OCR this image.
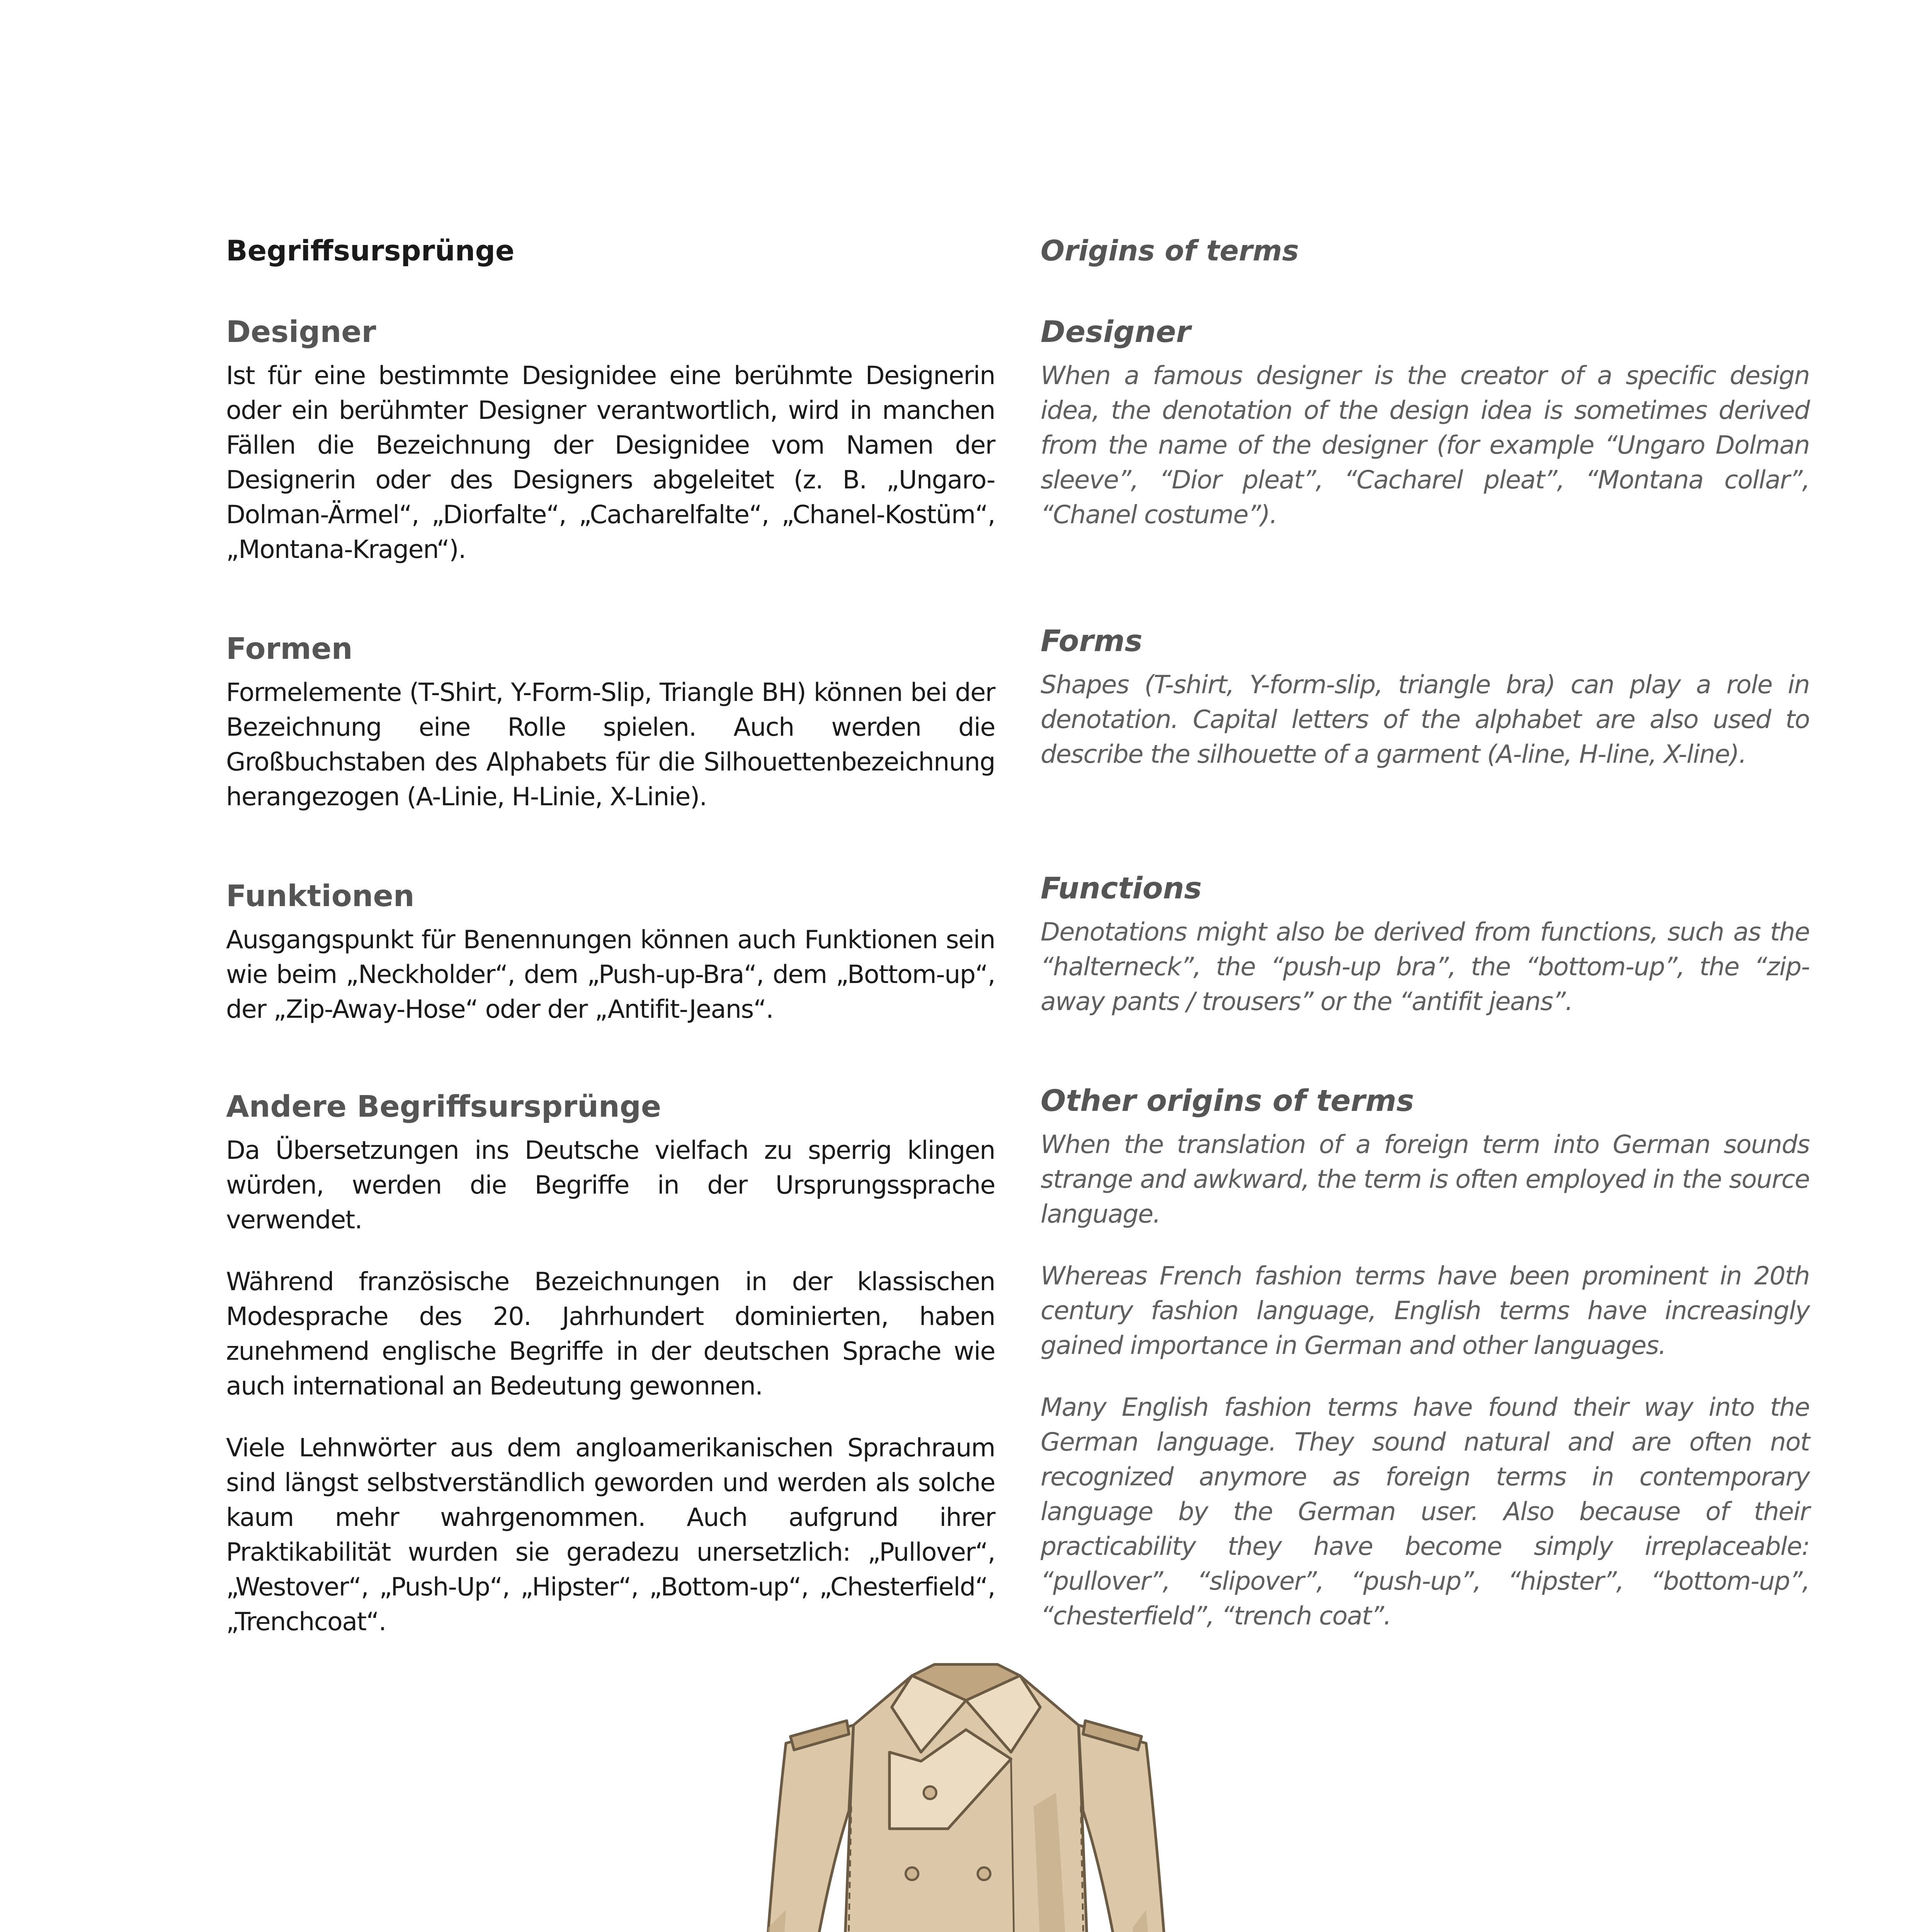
Begriffsursprünge
Designer

Ist für eine bestimmte Designidee eine berühmte Designerin oder ein berühmter Designer verantwortlich, wird in manchen Fällen die Bezeichnung der Designidee vom Namen der Designerin oder des Designers abgeleitet (z. B. „Ungaro-Dolman-Ärmel“, „Diorfalte“, „Cacharelfalte“, „Chanel-Kostüm“, „Montana-Kragen“).

Formen

Formelemente (T-Shirt, Y-Form-Slip, Triangle BH) können bei der Bezeichnung eine Rolle spielen. Auch werden die Großbuchstaben des Alphabets für die Silhouettenbezeichnung herangezogen (A-Linie, H-Linie, X-Linie).

Funktionen

Ausgangspunkt für Benennungen können auch Funktionen sein wie beim „Neckholder“, dem „Push-up-Bra“, dem „Bottom-up“, der „Zip-Away-Hose“ oder der „Antifit-Jeans“.

Andere Begriffsursprünge

Da Übersetzungen ins Deutsche vielfach zu sperrig klingen würden, werden die Begriffe in der Ursprungssprache verwendet.

Während französische Bezeichnungen in der klassischen Modesprache des 20. Jahrhundert dominierten, haben zunehmend englische Begriffe in der deutschen Sprache wie auch international an Bedeutung gewonnen.

Viele Lehnwörter aus dem angloamerikanischen Sprachraum sind längst selbstverständlich geworden und werden als solche kaum mehr wahrgenommen. Auch aufgrund ihrer Praktikabilität wurden sie geradezu unersetzlich: „Pullover“, „Westover“, „Push-Up“, „Hipster“, „Bottom-up“, „Chesterfield“, „Trenchcoat“.

Origins of terms
Designer

When a famous designer is the creator of a specific design idea, the denotation of the design idea is sometimes derived from the name of the designer (for example “Ungaro Dolman sleeve”, “Dior pleat”, “Cacharel pleat”, “Montana collar”, “Chanel costume”).

Forms

Shapes (T-shirt, Y-form-slip, triangle bra) can play a role in denotation. Capital letters of the alphabet are also used to describe the silhouette of a garment (A-line, H-line, X-line).

Functions

Denotations might also be derived from functions, such as the “halterneck”, the “push-up bra”, the “bottom-up”, the “zip-away pants / trousers” or the “antifit jeans”.

Other origins of terms

When the translation of a foreign term into German sounds strange and awkward, the term is often employed in the source language.

Whereas French fashion terms have been prominent in 20th century fashion language, English terms have increasingly gained importance in German and other languages.

Many English fashion terms have found their way into the German language. They sound natural and are often not recognized anymore as foreign terms in contemporary language by the German user. Also because of their practicability they have become simply irreplaceable: “pullover”, “slipover”, “push-up”, “hipster”, “bottom-up”, “chesterfield”, “trench coat”.
